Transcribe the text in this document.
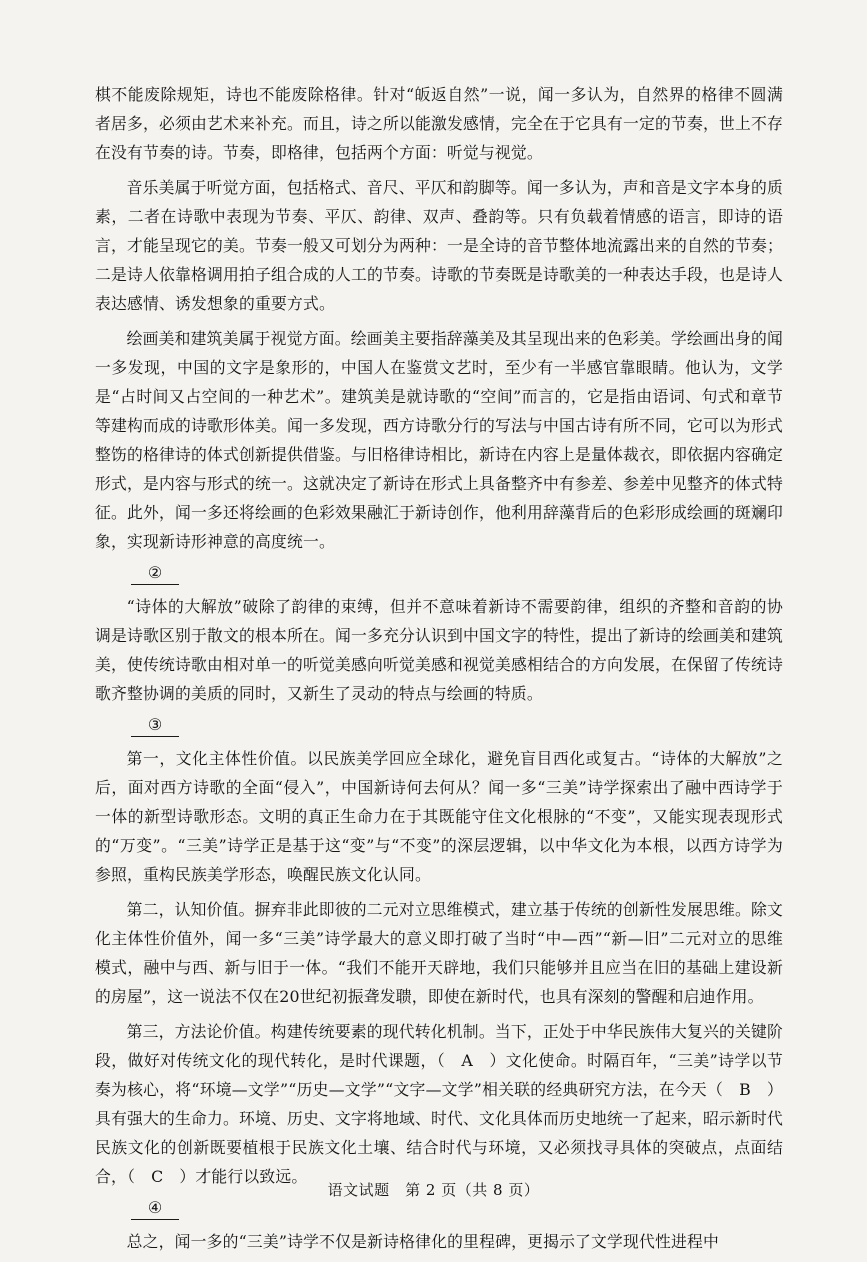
棋不能废除规矩，诗也不能废除格律。针对“皈返自然”一说，闻一多认为，自然界的格律不圆满者居多，必须由艺术来补充。而且，诗之所以能激发感情，完全在于它具有一定的节奏，世上不存在没有节奏的诗。节奏，即格律，包括两个方面：听觉与视觉。

音乐美属于听觉方面，包括格式、音尺、平仄和韵脚等。闻一多认为，声和音是文字本身的质素，二者在诗歌中表现为节奏、平仄、韵律、双声、叠韵等。只有负载着情感的语言，即诗的语言，才能呈现它的美。节奏一般又可划分为两种：一是全诗的音节整体地流露出来的自然的节奏；二是诗人依靠格调用拍子组合成的人工的节奏。诗歌的节奏既是诗歌美的一种表达手段，也是诗人表达感情、诱发想象的重要方式。

绘画美和建筑美属于视觉方面。绘画美主要指辞藻美及其呈现出来的色彩美。学绘画出身的闻一多发现，中国的文字是象形的，中国人在鉴赏文艺时，至少有一半感官靠眼睛。他认为，文学是“占时间又占空间的一种艺术”。建筑美是就诗歌的“空间”而言的，它是指由语词、句式和章节等建构而成的诗歌形体美。闻一多发现，西方诗歌分行的写法与中国古诗有所不同，它可以为形式整饬的格律诗的体式创新提供借鉴。与旧格律诗相比，新诗在内容上是量体裁衣，即依据内容确定形式，是内容与形式的统一。这就决定了新诗在形式上具备整齐中有参差、参差中见整齐的体式特征。此外，闻一多还将绘画的色彩效果融汇于新诗创作，他利用辞藻背后的色彩形成绘画的斑斓印象，实现新诗形神意的高度统一。

②

“诗体的大解放”破除了韵律的束缚，但并不意味着新诗不需要韵律，组织的齐整和音韵的协调是诗歌区别于散文的根本所在。闻一多充分认识到中国文字的特性，提出了新诗的绘画美和建筑美，使传统诗歌由相对单一的听觉美感向听觉美感和视觉美感相结合的方向发展，在保留了传统诗歌齐整协调的美质的同时，又新生了灵动的特点与绘画的特质。

③

第一，文化主体性价值。以民族美学回应全球化，避免盲目西化或复古。“诗体的大解放”之后，面对西方诗歌的全面“侵入”，中国新诗何去何从？闻一多“三美”诗学探索出了融中西诗学于一体的新型诗歌形态。文明的真正生命力在于其既能守住文化根脉的“不变”，又能实现表现形式的“万变”。“三美”诗学正是基于这“变”与“不变”的深层逻辑，以中华文化为本根，以西方诗学为参照，重构民族美学形态，唤醒民族文化认同。

第二，认知价值。摒弃非此即彼的二元对立思维模式，建立基于传统的创新性发展思维。除文化主体性价值外，闻一多“三美”诗学最大的意义即打破了当时“中—西”“新—旧”二元对立的思维模式，融中与西、新与旧于一体。“我们不能开天辟地，我们只能够并且应当在旧的基础上建设新的房屋”，这一说法不仅在20世纪初振聋发聩，即使在新时代，也具有深刻的警醒和启迪作用。

第三，方法论价值。构建传统要素的现代转化机制。当下，正处于中华民族伟大复兴的关键阶段，做好对传统文化的现代转化，是时代课题，（　A　）文化使命。时隔百年，“三美”诗学以节奏为核心，将“环境—文学”“历史—文学”“文字—文学”相关联的经典研究方法，在今天（　B　）具有强大的生命力。环境、历史、文字将地域、时代、文化具体而历史地统一了起来，昭示新时代民族文化的创新既要植根于民族文化土壤、结合时代与环境，又必须找寻具体的突破点，点面结合，（　C　）才能行以致远。

④

总之，闻一多的“三美”诗学不仅是新诗格律化的里程碑，更揭示了文学现代性进程中

语文试题　第 2 页（共 8 页）
